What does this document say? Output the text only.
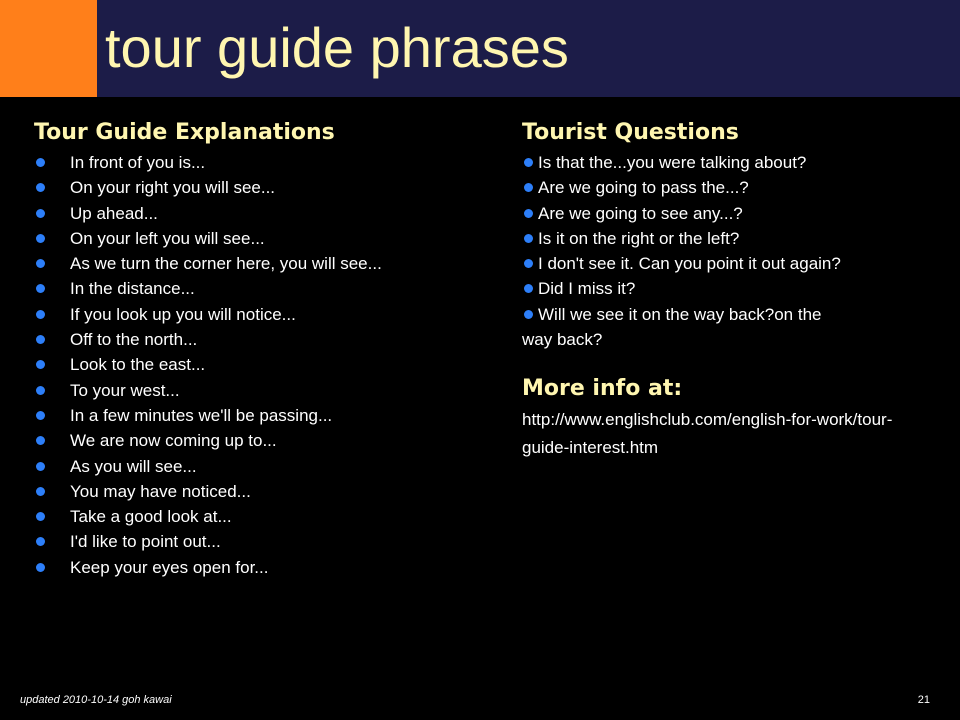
tour guide phrases
Tour Guide Explanations
In front of you is...
On your right you will see...
Up ahead...
On your left you will see...
As we turn the corner here, you will see...
In the distance...
If you look up you will notice...
Off to the north...
Look to the east...
To your west...
In a few minutes we'll be passing...
We are now coming up to...
As you will see...
You may have noticed...
Take a good look at...
I'd like to point out...
Keep your eyes open for...
Tourist Questions
Is that the...you were talking about?
Are we going to pass the...?
Are we going to see any...?
Is it on the right or the left?
I don't see it. Can you point it out again?
Did I miss it?
Will we see it on the way back?on the
way back?
More info at:
http://www.englishclub.com/english-for-work/tour-guide-interest.htm
updated 2010-10-14 goh kawai	21
